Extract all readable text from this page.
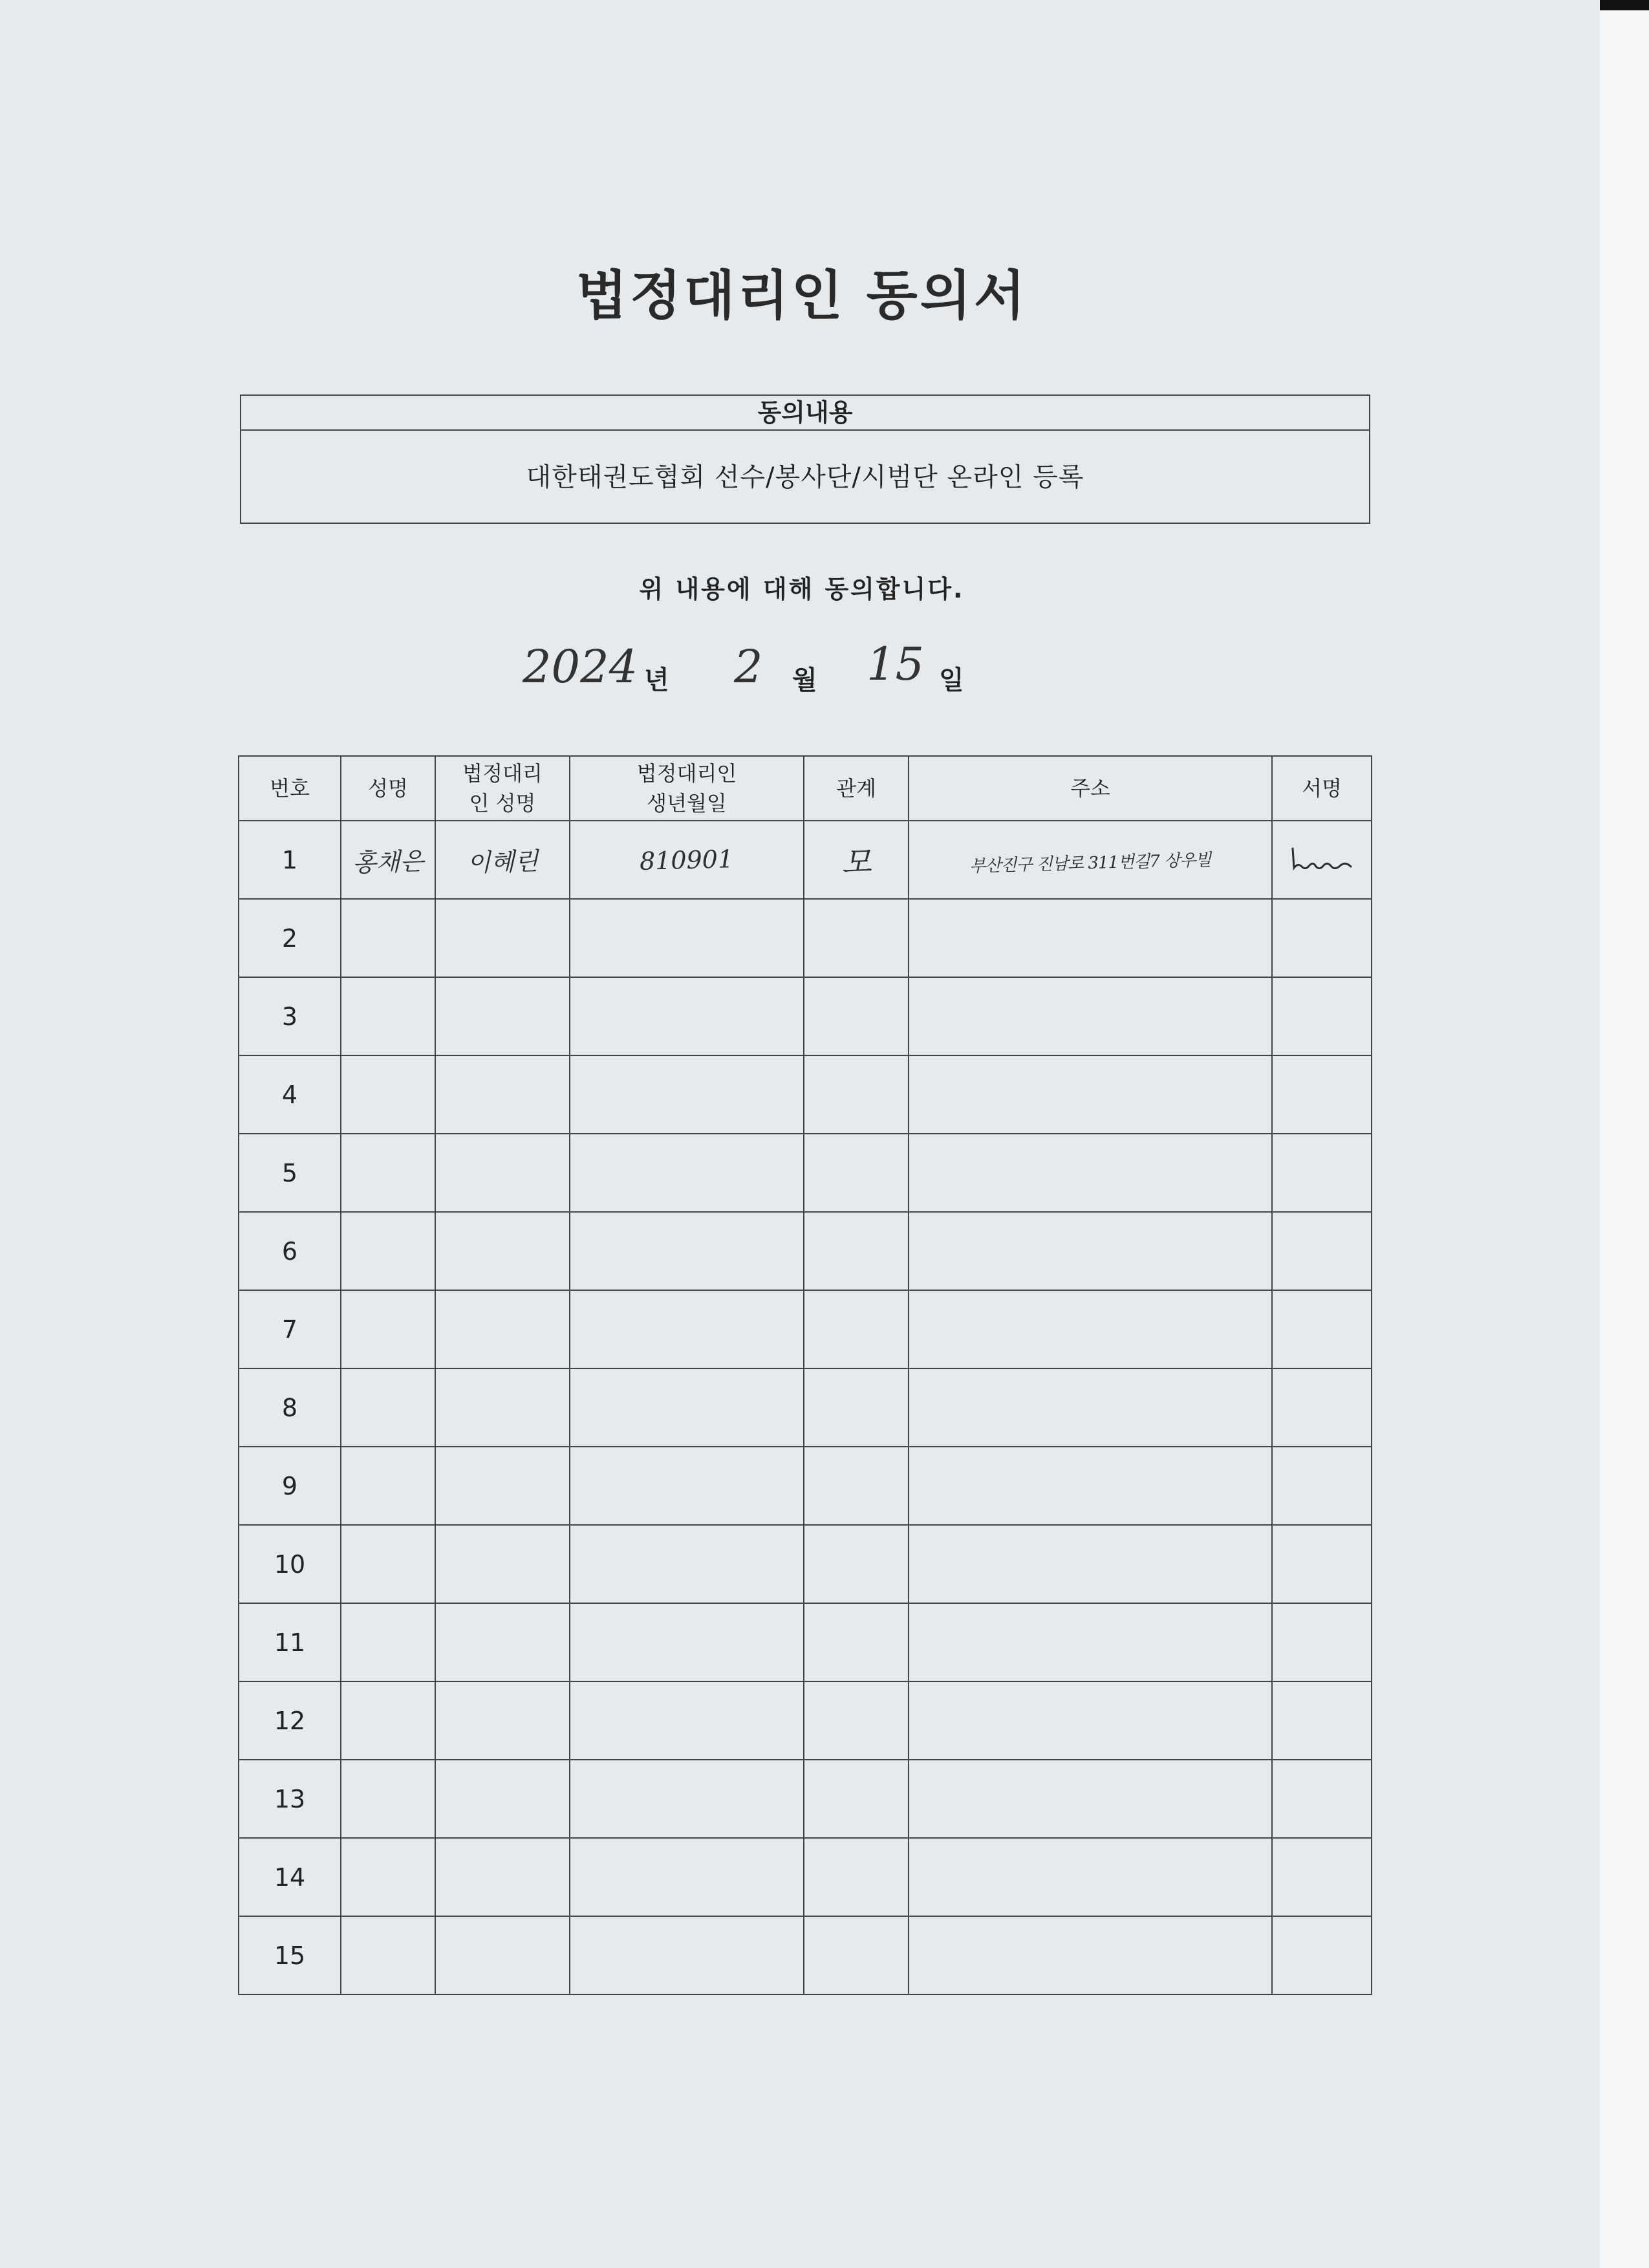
법정대리인 동의서
동의내용
대한태권도협회 선수/봉사단/시범단 온라인 등록
위 내용에 대해 동의합니다.
2024 년 2 월 15 일
번호	성명	법정대리인 성명	법정대리인 생년월일	관계	주소	서명
1	홍채은	이혜린	810901	모	부산진구 진남로 311번길7 상우빌	

2						
3						
4						
5						
6						
7						
8						
9						
10						
11						
12						
13						
14						
15						
